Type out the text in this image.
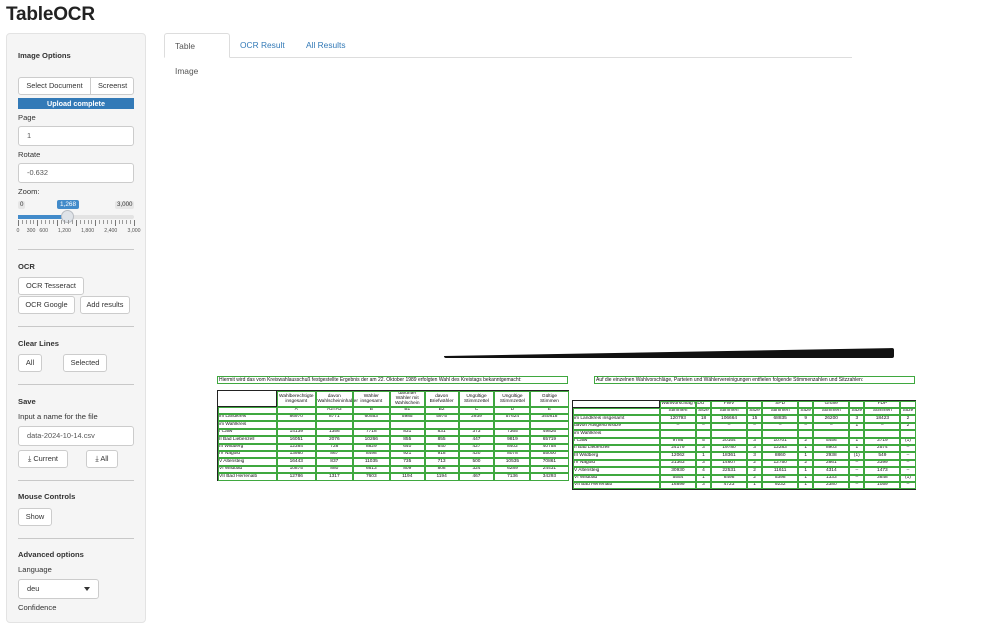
TableOCR
Image Options
Select Document	Screenst
Upload complete
Page
1
Rotate
-0.632
Zoom:
0	3,000
1,268
0 300 600 1,200 1,800 2,400 3,000
OCR
OCR Tesseract
OCR Google	Add results
Clear Lines
All	Selected
Save
Input a name for the file
data-2024-10-14.csv
⤓ Current	⤓ All
Mouse Controls
Show
Advanced options
Language
deu
Confidence
Table Image
OCR Result	All Results
Hiermit wird das vom Kreiswahlausschuß festgestellte Ergebnis der am 22. Oktober 1989 erfolgten Wahl des Kreistags bekanntgemacht:	Auf die einzelnen Wahlvorschläge, Parteien und Wählervereinigungen entfielen folgende Stimmenzahlen und Sitzzahlen:
	Wahlberechtigte insgesamt	davon Wahlscheininhaber	Wähler insgesamt	darunter Wähler mit Wahlschein	davon Briefwähler	Ungültige Stimmzettel	Ungültige Stimmzettel	Gültige Stimmen
	A	A2=A3	B	B1	B2	C	D	E
im Landkreis	86970	8771	60553	5985	5975	2939	57624	340818
im Wahlkreis								
I Calw	14139	1356	7718	831	831	373	7365	49826
II Bad Liebenzell	16051	2076	10266	855	855	447	9819	65719
III Wildberg	12384	728	8829	640	640	427	8402	40758
IV Nagold	13980	867	8498	921	918	420	8078	55000
V Altensteig	16443	837	11035	735	713	500	10535	70861
VI Wildbad	10875	880	6613	809	808	324	6289	24431
VII Bad Herrenalb	12786	1317	7603	1194	1194	467	7136	34293
	Wahlvorschlag CDU		FWV		SPD		Grüne		FDP	
	Stimmen	Sitze	Stimmen	Sitze	Stimmen	Sitze	Stimmen	Sitze	Stimmen	Sitze
im Landkreis insgesamt	120793	18	106664	15	68835	9	26200	3	18423	2
davon Ausgleichssitze	–	–	–	–	–	–	–	1	–	2
im Wahlkreis										
I Calw	9786	5	20164	3	10701	2	5456	1	3719	(1)
II Bad Liebenzell	24179	3	19780	3	12283	1	8903	1	2574	–
III Wildberg	12062	1	18361	3	8860	1	2938	(1)	549	–
IV Nagold	21363	3	14607	2	12750	2	2861	–	3399	–
V Altensteig	30930	4	22531	2	11611	1	4314	–	1473	–
VI Wildbad	5554	1	8498	2	5398	1	1333	–	3848	(1)
VII Bad Herrenalb	16899	3	4723	1	9232	1	2380	–	1059	–
